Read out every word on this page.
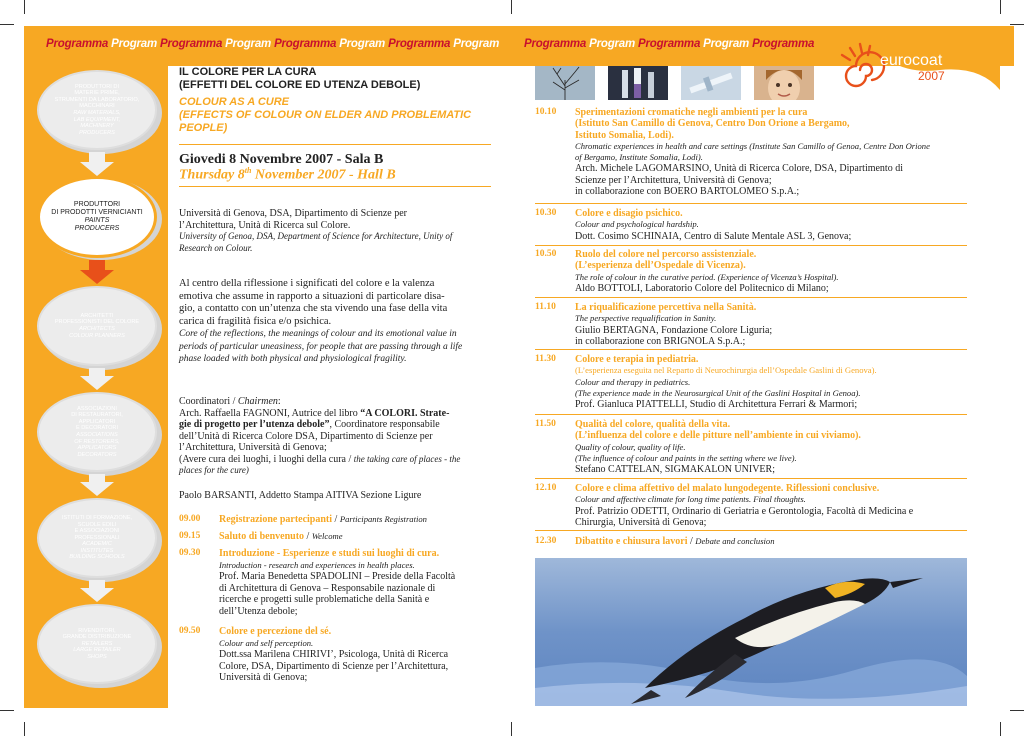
Programma Program Programma Program Programma Program Programma Program Programma Program Programma Program Programma
eurocoat
2007
PRODUTTORI DI
MATERIE PRIME,
STRUMENTI DA LABORATORIO,
MACCHINARI
RAW MATERIALS,
LAB EQUIPMENT,
MACHINERY
PRODUCERS
PRODUTTORI
DI PRODOTTI VERNICIANTI
PAINTS
PRODUCERS
ARCHITETTI
PROFESSIONISTI DEL COLORE
ARCHITECTS
COLOUR PLANNERS
ASSOCIAZIONI
DI RESTAURATORI,
APPLICATORI
E DECORATORI
ASSOCIATIONS
OF RESTORERS,
APPLICATORS
DECORATORS
ISTITUTI DI FORMAZIONE,
SCUOLE EDILI
E ASSOCIAZIONI
PROFESSIONALI
ACADEMIC
INSTITUTES
BUILDING SCHOOLS
RIVENDITORI,
GRANDE DISTRIBUZIONE
RETAILERS
LARGE RETAILER
SHOPS
IL COLORE PER LA CURA
(EFFETTI DEL COLORE ED UTENZA DEBOLE)
COLOUR AS A CURE
(EFFECTS OF COLOUR ON ELDER AND PROBLEMATIC
PEOPLE)
Giovedi 8 Novembre 2007 - Sala B
Thursday 8th November 2007 - Hall B
Università di Genova, DSA, Dipartimento di Scienze per
l’Architettura, Unità di Ricerca sul Colore.
University of Genoa, DSA, Department of Science for Architecture, Unity of
Research on Colour.
Al centro della riflessione i significati del colore e la valenza
emotiva che assume in rapporto a situazioni di particolare disa-
gio, a contatto con un’utenza che sta vivendo una fase della vita
carica di fragilità fisica e/o psichica.
Core of the reflections, the meanings of colour and its emotional value in
periods of particular uneasiness, for people that are passing through a life
phase loaded with both physical and physiological fragility.
Coordinatori / Chairmen:
Arch. Raffaella FAGNONI, Autrice del libro “A COLORI. Strate-
gie di progetto per l’utenza debole”, Coordinatore responsabile
dell’Unità di Ricerca Colore DSA, Dipartimento di Scienze per
l’Architettura, Università di Genova;
(Avere cura dei luoghi, i luoghi della cura / the taking care of places - the
places for the cure)
Paolo BARSANTI, Addetto Stampa AITIVA Sezione Ligure
09.00 Registrazione partecipanti / Participants Registration
09.15 Saluto di benvenuto / Welcome
09.30 Introduzione - Esperienze e studi sui luoghi di cura.
Introduction - research and experiences in health places.
Prof. Maria Benedetta SPADOLINI – Preside della Facoltà
di Architettura di Genova – Responsabile nazionale di
ricerche e progetti sulle problematiche della Sanità e
dell’Utenza debole;
09.50 Colore e percezione del sé.
Colour and self perception.
Dott.ssa Marilena CHIRIVI’, Psicologa, Unità di Ricerca
Colore, DSA, Dipartimento di Scienze per l’Architettura,
Università di Genova;
10.10 Sperimentazioni cromatiche negli ambienti per la cura
(Istituto San Camillo di Genova, Centro Don Orione a Bergamo,
Istituto Somalia, Lodi).
Chromatic experiences in health and care settings (Institute San Camillo of Genoa, Centre Don Orione
of Bergamo, Institute Somalia, Lodi).
Arch. Michele LAGOMARSINO, Unità di Ricerca Colore, DSA, Dipartimento di
Scienze per l’Architettura, Università di Genova;
in collaborazione con BOERO BARTOLOMEO S.p.A.;
10.30 Colore e disagio psichico.
Colour and psychological hardship.
Dott. Cosimo SCHINAIA, Centro di Salute Mentale ASL 3, Genova;
10.50 Ruolo del colore nel percorso assistenziale.
(L’esperienza dell’Ospedale di Vicenza).
The role of colour in the curative period. (Experience of Vicenza’s Hospital).
Aldo BOTTOLI, Laboratorio Colore del Politecnico di Milano;
11.10 La riqualificazione percettiva nella Sanità.
The perspective requalification in Sanity.
Giulio BERTAGNA, Fondazione Colore Liguria;
in collaborazione con BRIGNOLA S.p.A.;
11.30 Colore e terapia in pediatria.
(L’esperienza eseguita nel Reparto di Neurochirurgia dell’Ospedale Gaslini di Genova).
Colour and therapy in pediatrics.
(The experience made in the Neurosurgical Unit of the Gaslini Hospital in Genoa).
Prof. Gianluca PIATTELLI, Studio di Architettura Ferrari & Marmori;
11.50 Qualità del colore, qualità della vita.
(L’influenza del colore e delle pitture nell’ambiente in cui viviamo).
Quality of colour, quality of life.
(The influence of colour and paints in the setting where we live).
Stefano CATTELAN, SIGMAKALON UNIVER;
12.10 Colore e clima affettivo del malato lungodegente. Riflessioni conclusive.
Colour and affective climate for long time patients. Final thoughts.
Prof. Patrizio ODETTI, Ordinario di Geriatria e Gerontologia, Facoltà di Medicina e
Chirurgia, Università di Genova;
12.30 Dibattito e chiusura lavori / Debate and conclusion
